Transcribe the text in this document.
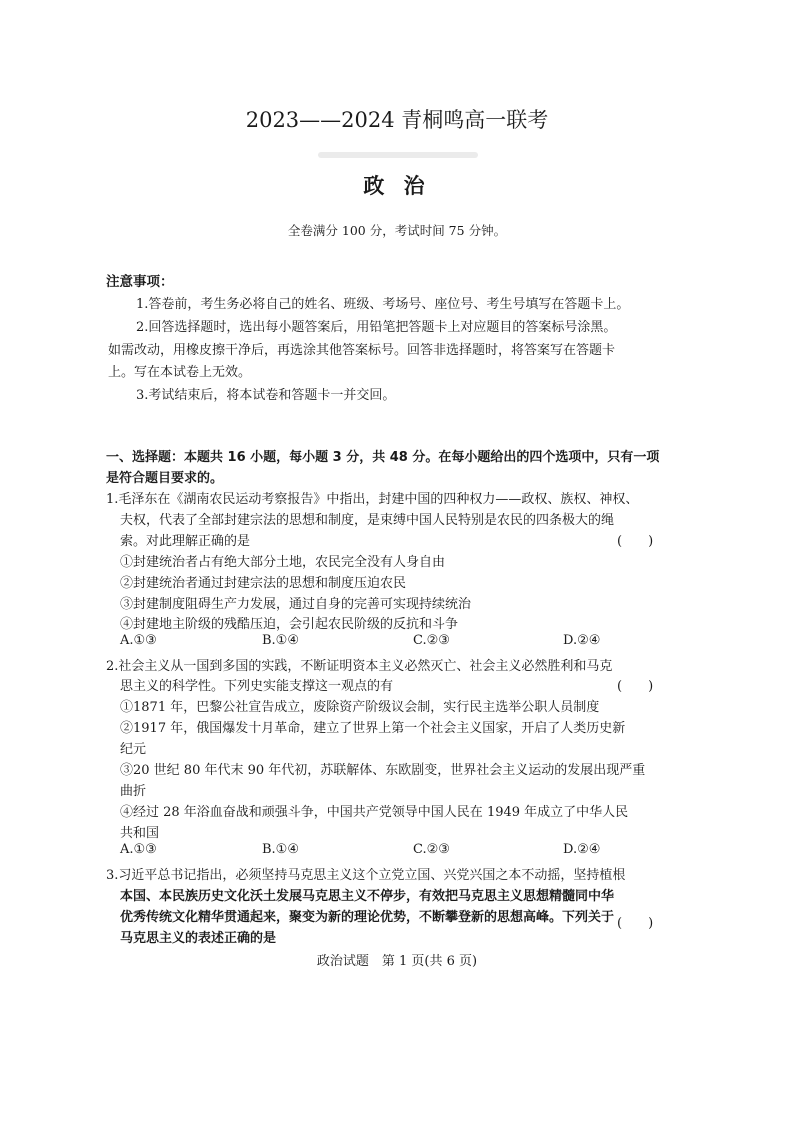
2023——2024 青桐鸣高一联考
政 治
全卷满分 100 分，考试时间 75 分钟。
注意事项：
1.答卷前，考生务必将自己的姓名、班级、考场号、座位号、考生号填写在答题卡上。
2.回答选择题时，选出每小题答案后，用铅笔把答题卡上对应题目的答案标号涂黑。
如需改动，用橡皮擦干净后，再选涂其他答案标号。回答非选择题时，将答案写在答题卡
上。写在本试卷上无效。
3.考试结束后，将本试卷和答题卡一并交回。
一、选择题：本题共 16 小题，每小题 3 分，共 48 分。在每小题给出的四个选项中，只有一项
是符合题目要求的。
1.毛泽东在《湖南农民运动考察报告》中指出，封建中国的四种权力——政权、族权、神权、
夫权，代表了全部封建宗法的思想和制度，是束缚中国人民特别是农民的四条极大的绳
索。对此理解正确的是	(　　)
①封建统治者占有绝大部分土地，农民完全没有人身自由
②封建统治者通过封建宗法的思想和制度压迫农民
③封建制度阻碍生产力发展，通过自身的完善可实现持续统治
④封建地主阶级的残酷压迫，会引起农民阶级的反抗和斗争
A.①③	B.①④	C.②③	D.②④
2.社会主义从一国到多国的实践，不断证明资本主义必然灭亡、社会主义必然胜利和马克
思主义的科学性。下列史实能支撑这一观点的有	(　　)
①1871 年，巴黎公社宣告成立，废除资产阶级议会制，实行民主选举公职人员制度
②1917 年，俄国爆发十月革命，建立了世界上第一个社会主义国家，开启了人类历史新
纪元
③20 世纪 80 年代末 90 年代初，苏联解体、东欧剧变，世界社会主义运动的发展出现严重
曲折
④经过 28 年浴血奋战和顽强斗争，中国共产党领导中国人民在 1949 年成立了中华人民
共和国
A.①③	B.①④	C.②③	D.②④
3.习近平总书记指出，必须坚持马克思主义这个立党立国、兴党兴国之本不动摇，坚持植根
本国、本民族历史文化沃土发展马克思主义不停步，有效把马克思主义思想精髓同中华
优秀传统文化精华贯通起来，聚变为新的理论优势，不断攀登新的思想高峰。下列关于
马克思主义的表述正确的是
(　　)
政治试题　第 1 页(共 6 页)
